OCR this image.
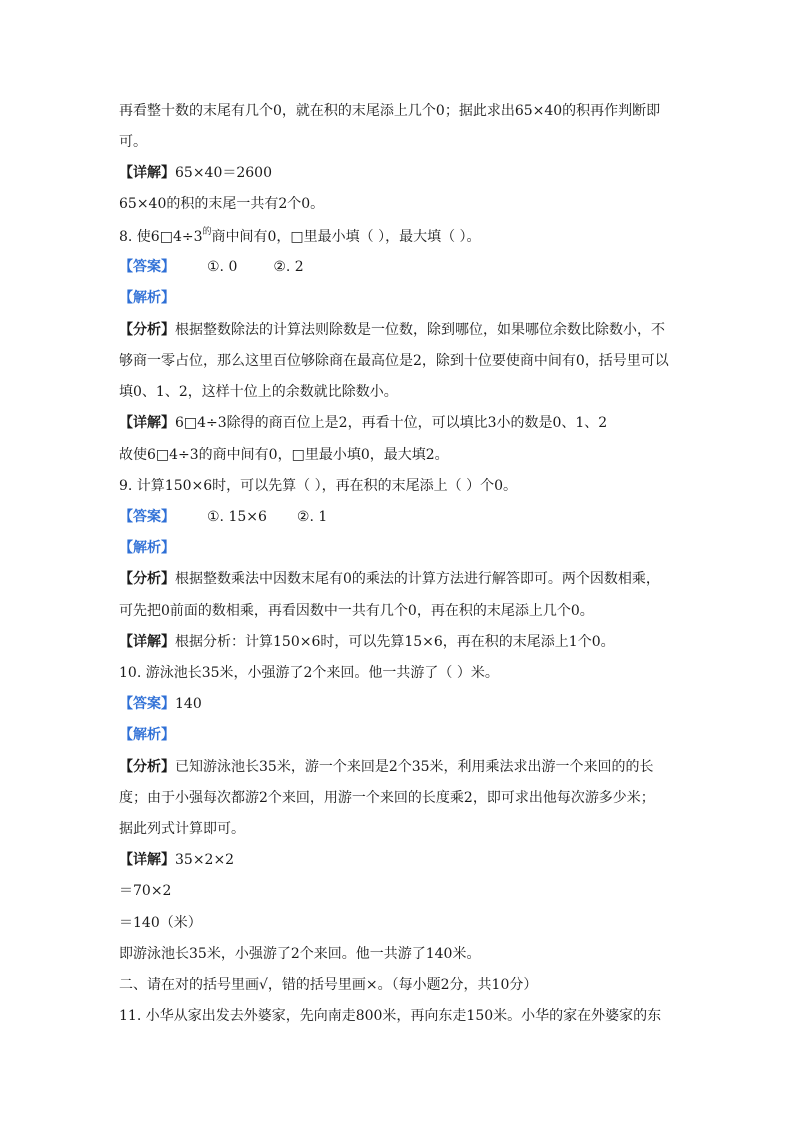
再看整十数的末尾有几个0，就在积的末尾添上几个0；据此求出65×40的积再作判断即
可。
【详解】65×40＝2600
65×40的积的末尾一共有2个0。
8. 使$6□4\div 3^的$商中间有0，□里最小填（ ），最大填（ ）。
【答案】 ①. 0	②. 2
【解析】
【分析】根据整数除法的计算法则除数是一位数，除到哪位，如果哪位余数比除数小，不
够商一零占位，那么这里百位够除商在最高位是2，除到十位要使商中间有0，括号里可以
填0、1、2，这样十位上的余数就比除数小。
【详解】6□4÷3除得的商百位上是2，再看十位，可以填比3小的数是0、1、2
故使6□4÷3的商中间有0，□里最小填0，最大填2。
9. 计算150×6时，可以先算（ ），再在积的末尾添上（ ）个0。
【答案】 ①. 15×6 ②. 1
【解析】
【分析】根据整数乘法中因数末尾有0的乘法的计算方法进行解答即可。两个因数相乘，
可先把0前面的数相乘，再看因数中一共有几个0，再在积的末尾添上几个0。
【详解】根据分析：计算150×6时，可以先算15×6，再在积的末尾添上1个0。
10. 游泳池长35米，小强游了2个来回。他一共游了（ ）米。
【答案】140
【解析】
【分析】已知游泳池长35米，游一个来回是2个35米，利用乘法求出游一个来回的的长
度；由于小强每次都游2个来回，用游一个来回的长度乘2，即可求出他每次游多少米；
据此列式计算即可。
【详解】35×2×2
＝70×2
＝140（米）
即游泳池长35米，小强游了2个来回。他一共游了140米。
二、请在对的括号里画√，错的括号里画×。（每小题2分，共10分）
11. 小华从家出发去外婆家，先向南走800米，再向东走150米。小华的家在外婆家的东
